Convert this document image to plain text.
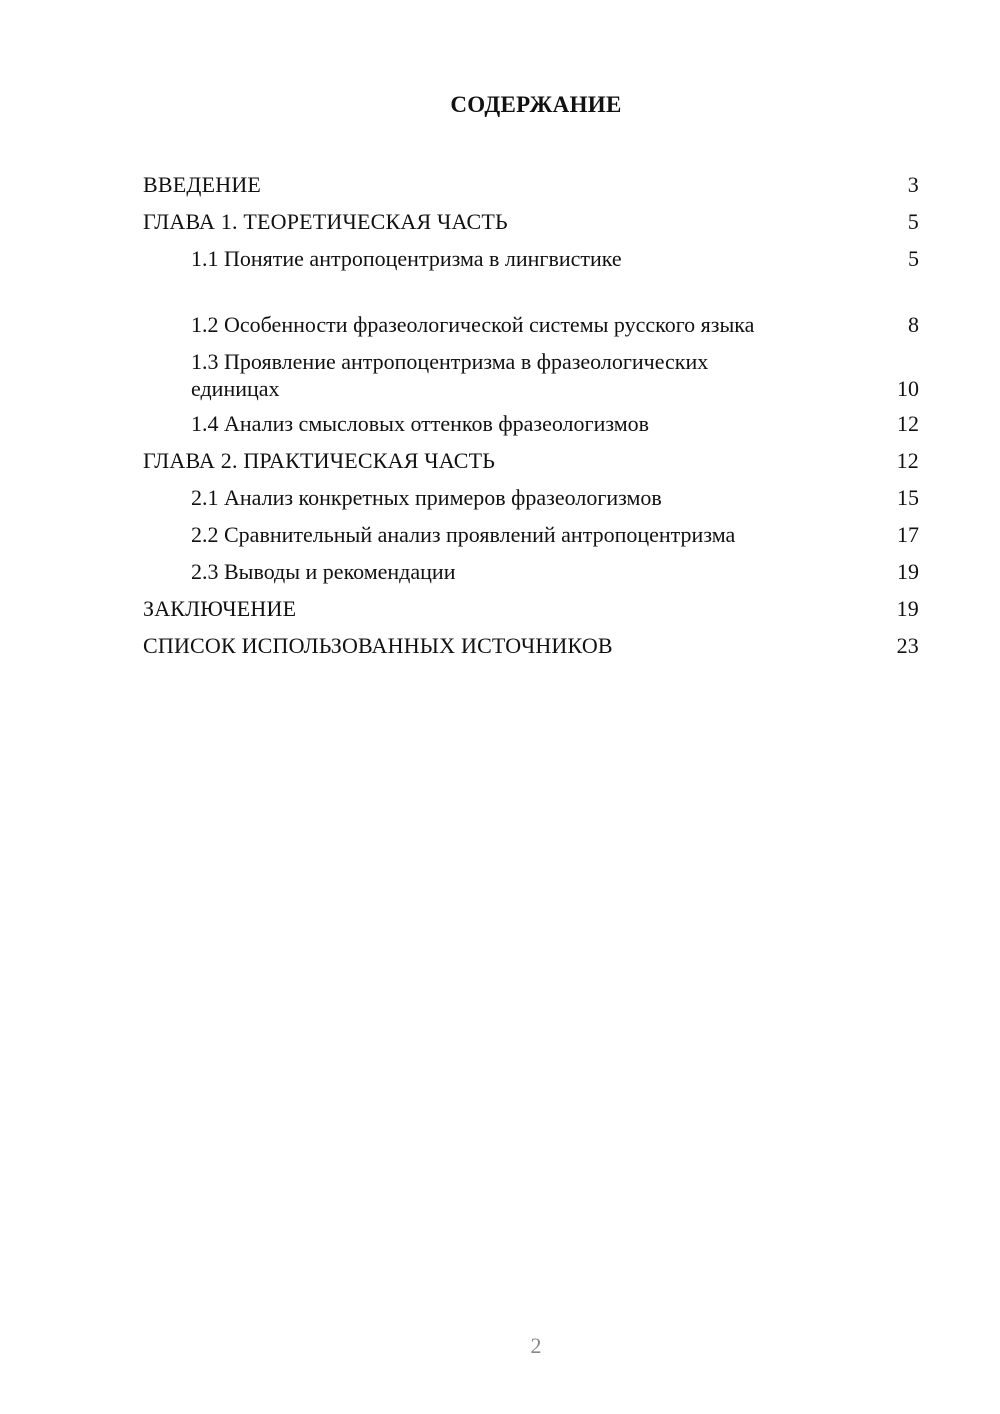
СОДЕРЖАНИЕ
ВВЕДЕНИЕ	3
ГЛАВА 1. ТЕОРЕТИЧЕСКАЯ ЧАСТЬ	5
1.1 Понятие антропоцентризма в лингвистике	5
1.2 Особенности фразеологической системы русского языка	8
1.3 Проявление антропоцентризма в фразеологических единицах	10
1.4 Анализ смысловых оттенков фразеологизмов	12
ГЛАВА 2. ПРАКТИЧЕСКАЯ ЧАСТЬ	12
2.1 Анализ конкретных примеров фразеологизмов	15
2.2 Сравнительный анализ проявлений антропоцентризма	17
2.3 Выводы и рекомендации	19
ЗАКЛЮЧЕНИЕ	19
СПИСОК ИСПОЛЬЗОВАННЫХ ИСТОЧНИКОВ	23
2
